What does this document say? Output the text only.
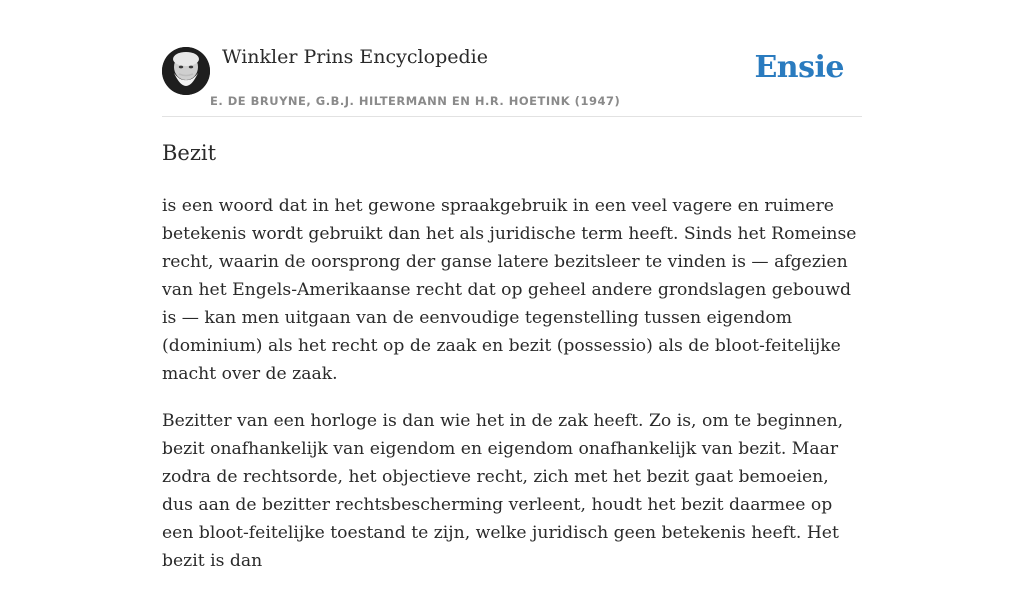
Winkler Prins Encyclopedie
E. DE BRUYNE, G.B.J. HILTERMANN EN H.R. HOETINK (1947)
Ensie
Bezit

is een woord dat in het gewone spraakgebruik in een veel vagere en ruimere betekenis wordt gebruikt dan het als juridische term heeft. Sinds het Romeinse recht, waarin de oorsprong der ganse latere bezitsleer te vinden is — afgezien van het Engels-Amerikaanse recht dat op geheel andere grondslagen gebouwd is — kan men uitgaan van de eenvoudige tegenstelling tussen eigendom (dominium) als het recht op de zaak en bezit (possessio) als de bloot-feitelijke macht over de zaak.

Bezitter van een horloge is dan wie het in de zak heeft. Zo is, om te beginnen, bezit onafhankelijk van eigendom en eigendom onafhankelijk van bezit. Maar zodra de rechtsorde, het objectieve recht, zich met het bezit gaat bemoeien, dus aan de bezitter rechtsbescherming verleent, houdt het bezit daarmee op een bloot-feitelijke toestand te zijn, welke juridisch geen betekenis heeft. Het bezit is dan
